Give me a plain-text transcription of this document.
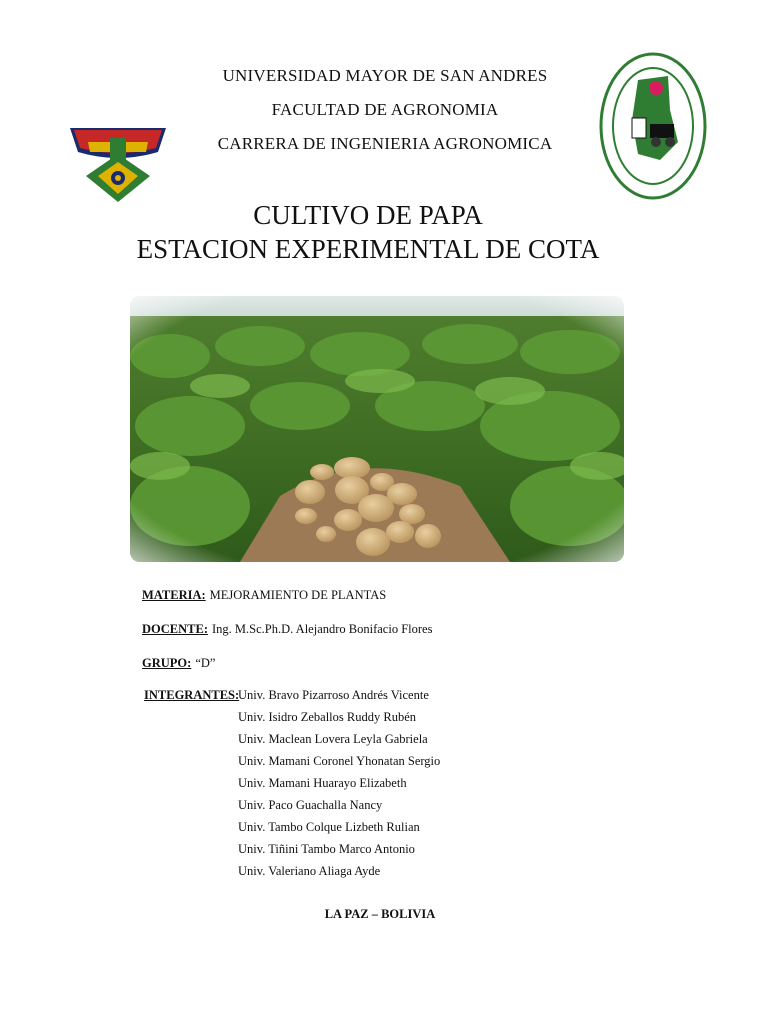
UNIVERSIDAD MAYOR DE SAN ANDRES
FACULTAD DE AGRONOMIA
CARRERA DE INGENIERIA AGRONOMICA
CULTIVO DE PAPA
ESTACION EXPERIMENTAL DE COTA
MATERIA: MEJORAMIENTO DE PLANTAS
DOCENTE: Ing. M.Sc.Ph.D. Alejandro Bonifacio Flores
GRUPO: “D”
INTEGRANTES:
Univ. Bravo Pizarroso Andrés Vicente
Univ. Isidro Zeballos Ruddy Rubén
Univ. Maclean Lovera Leyla Gabriela
Univ. Mamani Coronel Yhonatan Sergio
Univ. Mamani Huarayo Elizabeth
Univ. Paco Guachalla Nancy
Univ. Tambo Colque Lizbeth Rulian
Univ. Tiñini Tambo Marco Antonio
Univ. Valeriano Aliaga Ayde
LA PAZ – BOLIVIA
